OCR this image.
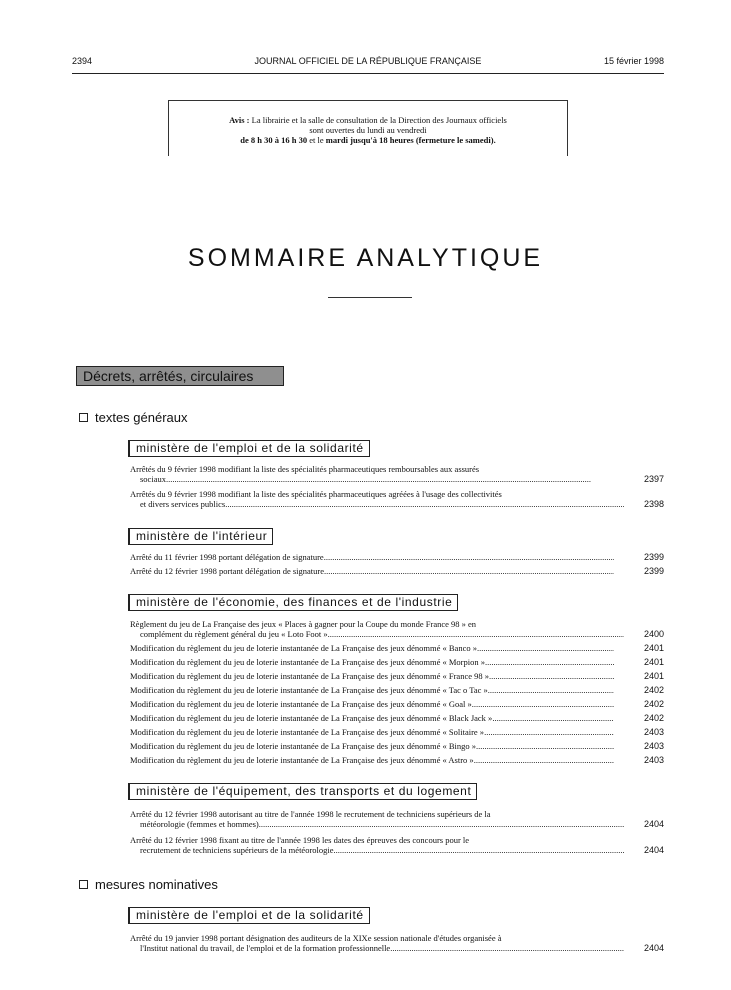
2394	JOURNAL OFFICIEL DE LA RÉPUBLIQUE FRANÇAISE	15 février 1998
Avis : La librairie et la salle de consultation de la Direction des Journaux officiels
sont ouvertes du lundi au vendredi
de 8 h 30 à 16 h 30 et le mardi jusqu'à 18 heures (fermeture le samedi).
SOMMAIRE ANALYTIQUE
Décrets, arrêtés, circulaires
textes généraux
ministère de l'emploi et de la solidarité
Arrêtés du 9 février 1998 modifiant la liste des spécialités pharmaceutiques remboursables aux assurés
sociaux .....	2397
Arrêtés du 9 février 1998 modifiant la liste des spécialités pharmaceutiques agréées à l'usage des collectivités
et divers services publics .....	2398
ministère de l'intérieur
Arrêté du 11 février 1998 portant délégation de signature .....	2399
Arrêté du 12 février 1998 portant délégation de signature .....	2399
ministère de l'économie, des finances et de l'industrie
Règlement du jeu de La Française des jeux « Places à gagner pour la Coupe du monde France 98 » en
complément du règlement général du jeu « Loto Foot » .....	2400
Modification du règlement du jeu de loterie instantanée de La Française des jeux dénommé « Banco » .....	2401
Modification du règlement du jeu de loterie instantanée de La Française des jeux dénommé « Morpion » .....	2401
Modification du règlement du jeu de loterie instantanée de La Française des jeux dénommé « France 98 » .....	2401
Modification du règlement du jeu de loterie instantanée de La Française des jeux dénommé « Tac o Tac » .....	2402
Modification du règlement du jeu de loterie instantanée de La Française des jeux dénommé « Goal » .....	2402
Modification du règlement du jeu de loterie instantanée de La Française des jeux dénommé « Black Jack » .....	2402
Modification du règlement du jeu de loterie instantanée de La Française des jeux dénommé « Solitaire » .....	2403
Modification du règlement du jeu de loterie instantanée de La Française des jeux dénommé « Bingo » .....	2403
Modification du règlement du jeu de loterie instantanée de La Française des jeux dénommé « Astro » .....	2403
ministère de l'équipement, des transports et du logement
Arrêté du 12 février 1998 autorisant au titre de l'année 1998 le recrutement de techniciens supérieurs de la
météorologie (femmes et hommes) .....	2404
Arrêté du 12 février 1998 fixant au titre de l'année 1998 les dates des épreuves des concours pour le
recrutement de techniciens supérieurs de la météorologie .....	2404
mesures nominatives
ministère de l'emploi et de la solidarité
Arrêté du 19 janvier 1998 portant désignation des auditeurs de la XIXe session nationale d'études organisée à
l'Institut national du travail, de l'emploi et de la formation professionnelle .....	2404
